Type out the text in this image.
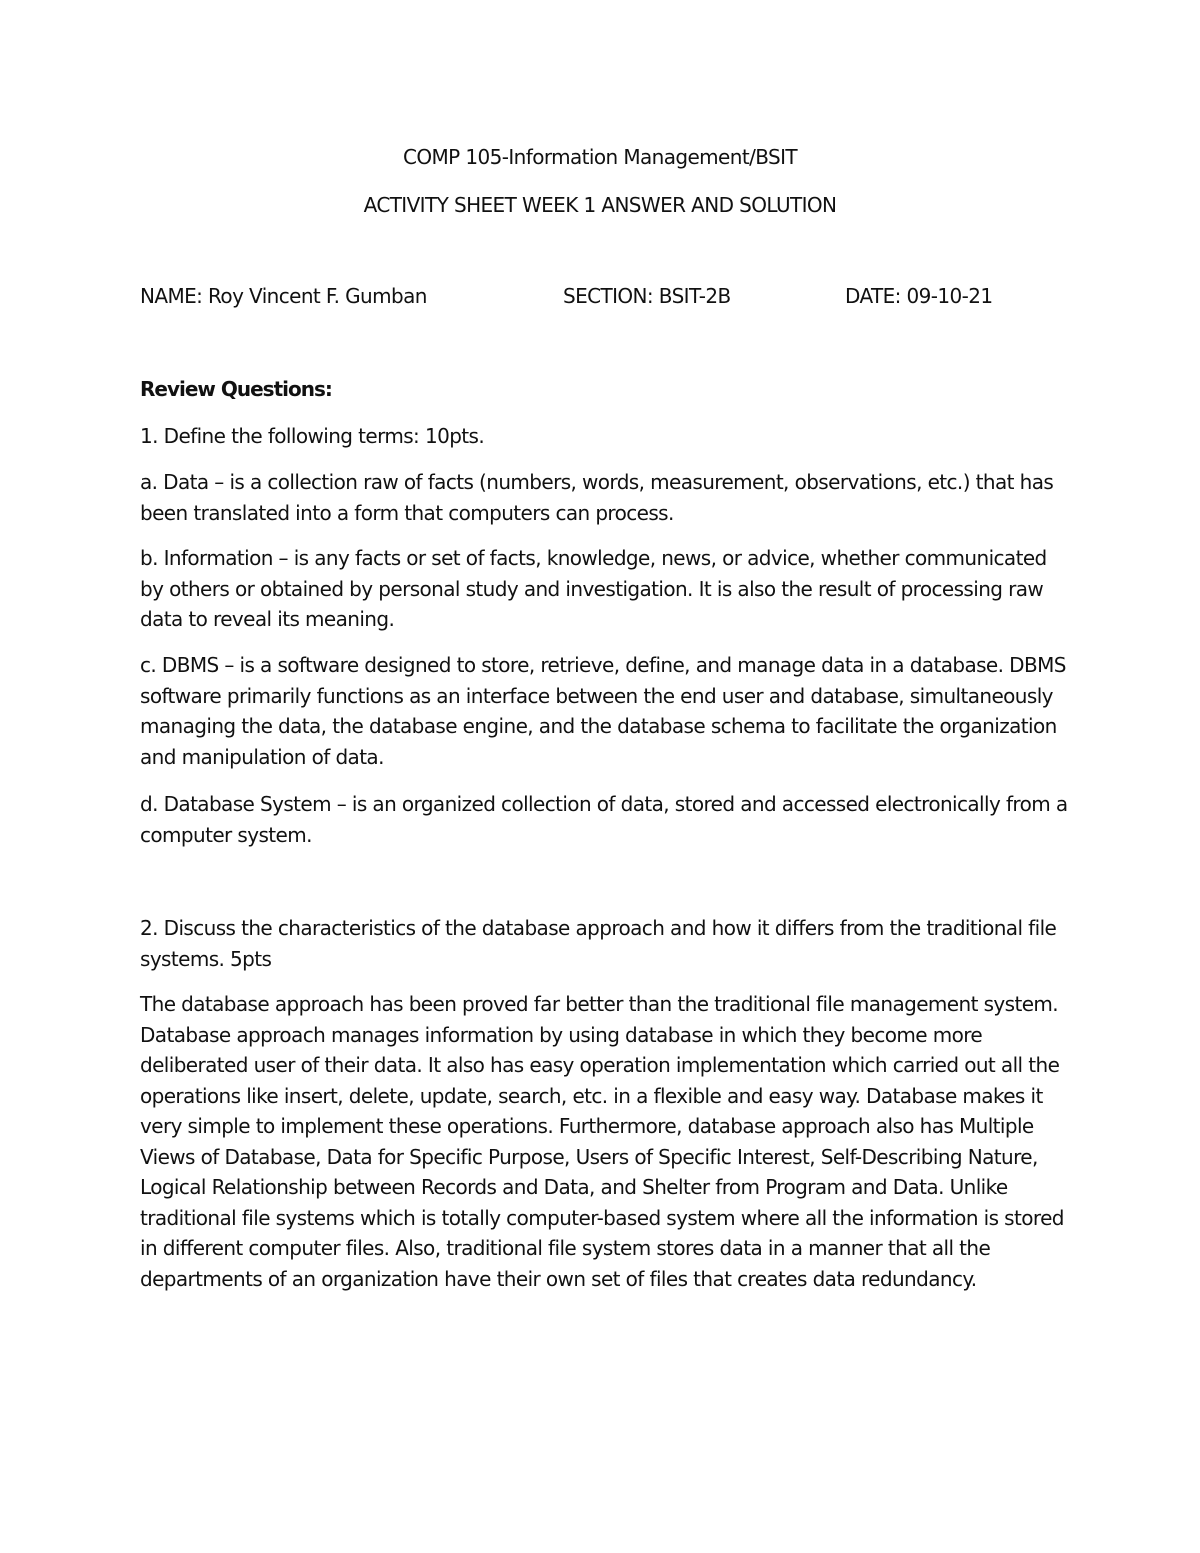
COMP 105-Information Management/BSIT
ACTIVITY SHEET WEEK 1 ANSWER AND SOLUTION
NAME: Roy Vincent F. Gumban	SECTION: BSIT-2B	DATE: 09-10-21

Review Questions:

1. Define the following terms: 10pts.

a. Data – is a collection raw of facts (numbers, words, measurement, observations, etc.) that has been translated into a form that computers can process.

b. Information – is any facts or set of facts, knowledge, news, or advice, whether communicated by others or obtained by personal study and investigation. It is also the result of processing raw data to reveal its meaning.

c. DBMS – is a software designed to store, retrieve, define, and manage data in a database. DBMS software primarily functions as an interface between the end user and database, simultaneously managing the data, the database engine, and the database schema to facilitate the organization and manipulation of data.

d. Database System – is an organized collection of data, stored and accessed electronically from a computer system.

2. Discuss the characteristics of the database approach and how it differs from the traditional file systems. 5pts

The database approach has been proved far better than the traditional file management system. Database approach manages information by using database in which they become more deliberated user of their data. It also has easy operation implementation which carried out all the operations like insert, delete, update, search, etc. in a flexible and easy way. Database makes it very simple to implement these operations. Furthermore, database approach also has Multiple Views of Database, Data for Specific Purpose, Users of Specific Interest, Self-Describing Nature, Logical Relationship between Records and Data, and Shelter from Program and Data. Unlike traditional file systems which is totally computer-based system where all the information is stored in different computer files. Also, traditional file system stores data in a manner that all the departments of an organization have their own set of files that creates data redundancy.
